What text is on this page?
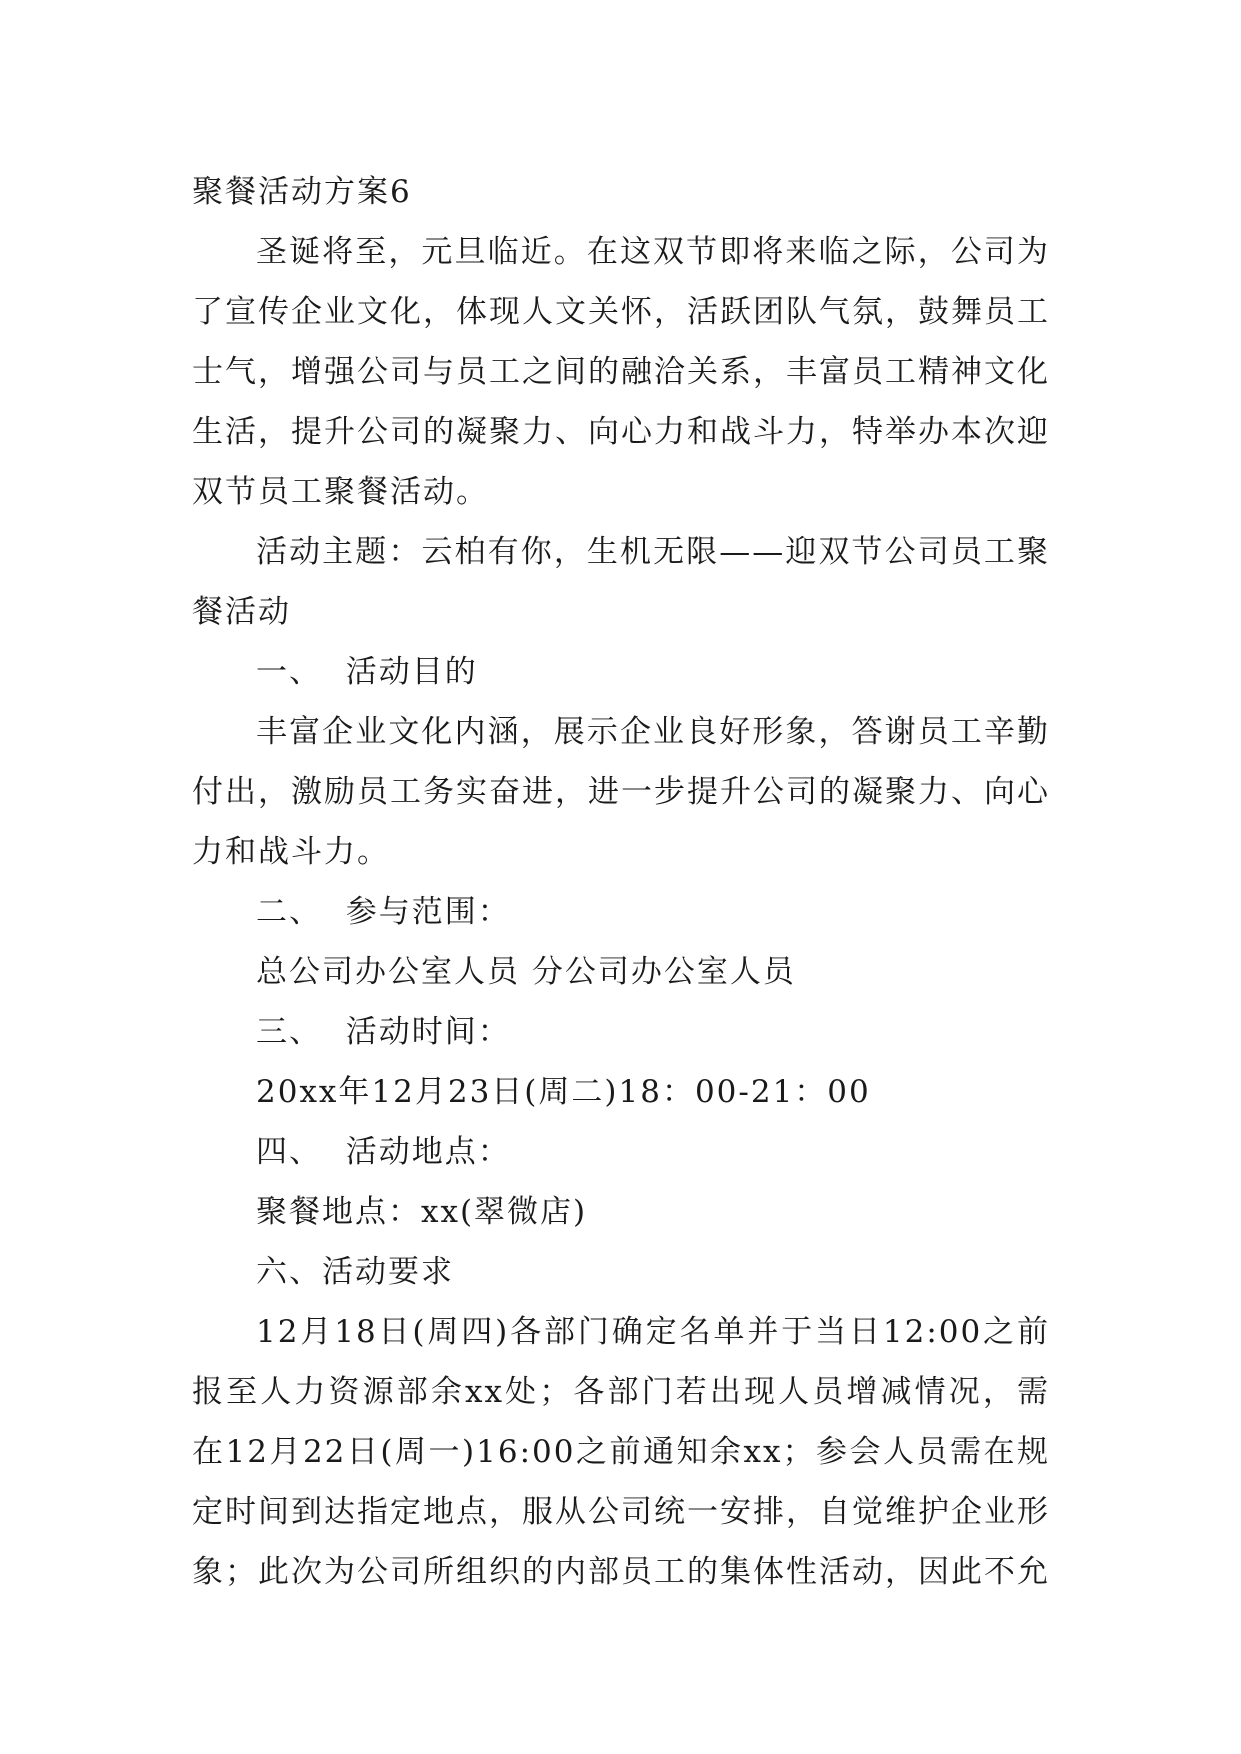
聚餐活动方案6

圣诞将至，元旦临近。在这双节即将来临之际，公司为了宣传企业文化，体现人文关怀，活跃团队气氛，鼓舞员工士气，增强公司与员工之间的融洽关系，丰富员工精神文化生活，提升公司的凝聚力、向心力和战斗力，特举办本次迎双节员工聚餐活动。

活动主题：云柏有你，生机无限——迎双节公司员工聚餐活动

一、  活动目的

丰富企业文化内涵，展示企业良好形象，答谢员工辛勤付出，激励员工务实奋进，进一步提升公司的凝聚力、向心力和战斗力。

二、  参与范围：

总公司办公室人员 分公司办公室人员

三、  活动时间：

20xx年12月23日(周二)18：00-21：00

四、  活动地点：

聚餐地点：xx(翠微店)

六、活动要求

12月18日(周四)各部门确定名单并于当日12:00之前报至人力资源部余xx处；各部门若出现人员增减情况，需在12月22日(周一)16:00之前通知余xx；参会人员需在规定时间到达指定地点，服从公司统一安排，自觉维护企业形象；此次为公司所组织的内部员工的集体性活动，因此不允
